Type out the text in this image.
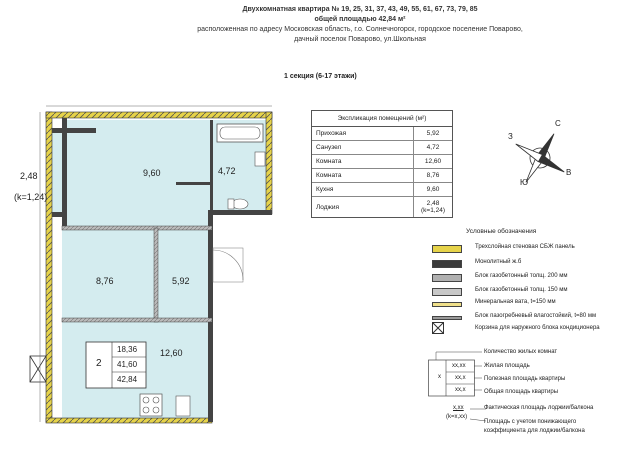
Двухкомнатная квартира № 19, 25, 31, 37, 43, 49, 55, 61, 67, 73, 79, 85
общей площадью 42,84 м²
расположенная по адресу Московская область, г.о. Солнечногорск, городское поселение Поварово,
дачный поселок Поварово, ул.Школьная
1 секция (6-17 этажи)
2,48
(k=1,24)
9,60	4,72
8,76	5,92
12,60
2
18,36
41,60
42,84
Экспликация помещений (м²)
Прихожая	5,92
Санузел	4,72
Комната	12,60
Комната	8,76
Кухня	9,60
Лоджия	2,48
(k=1,24)
С
З
В
Ю
Условные обозначения
Трехслойная стеновая СБЖ панель
Монолитный ж.б
Блок газобетонный толщ. 200 мм
Блок газобетонный толщ. 150 мм
Минеральная вата, t=150 мм
Блок пазогребневый влагостойкий, t=80 мм
Корзина для наружного блока кондиционера
x
xx,xx
xx,x
xx,x
Количество жилых комнат
Жилая площадь
Полезная площадь квартиры
Общая площадь квартиры
x,xx
(k=x,xx)
Фактическая площадь лоджии/балкона
Площадь с учетом понижающего
коэффициента для лоджии/балкона
